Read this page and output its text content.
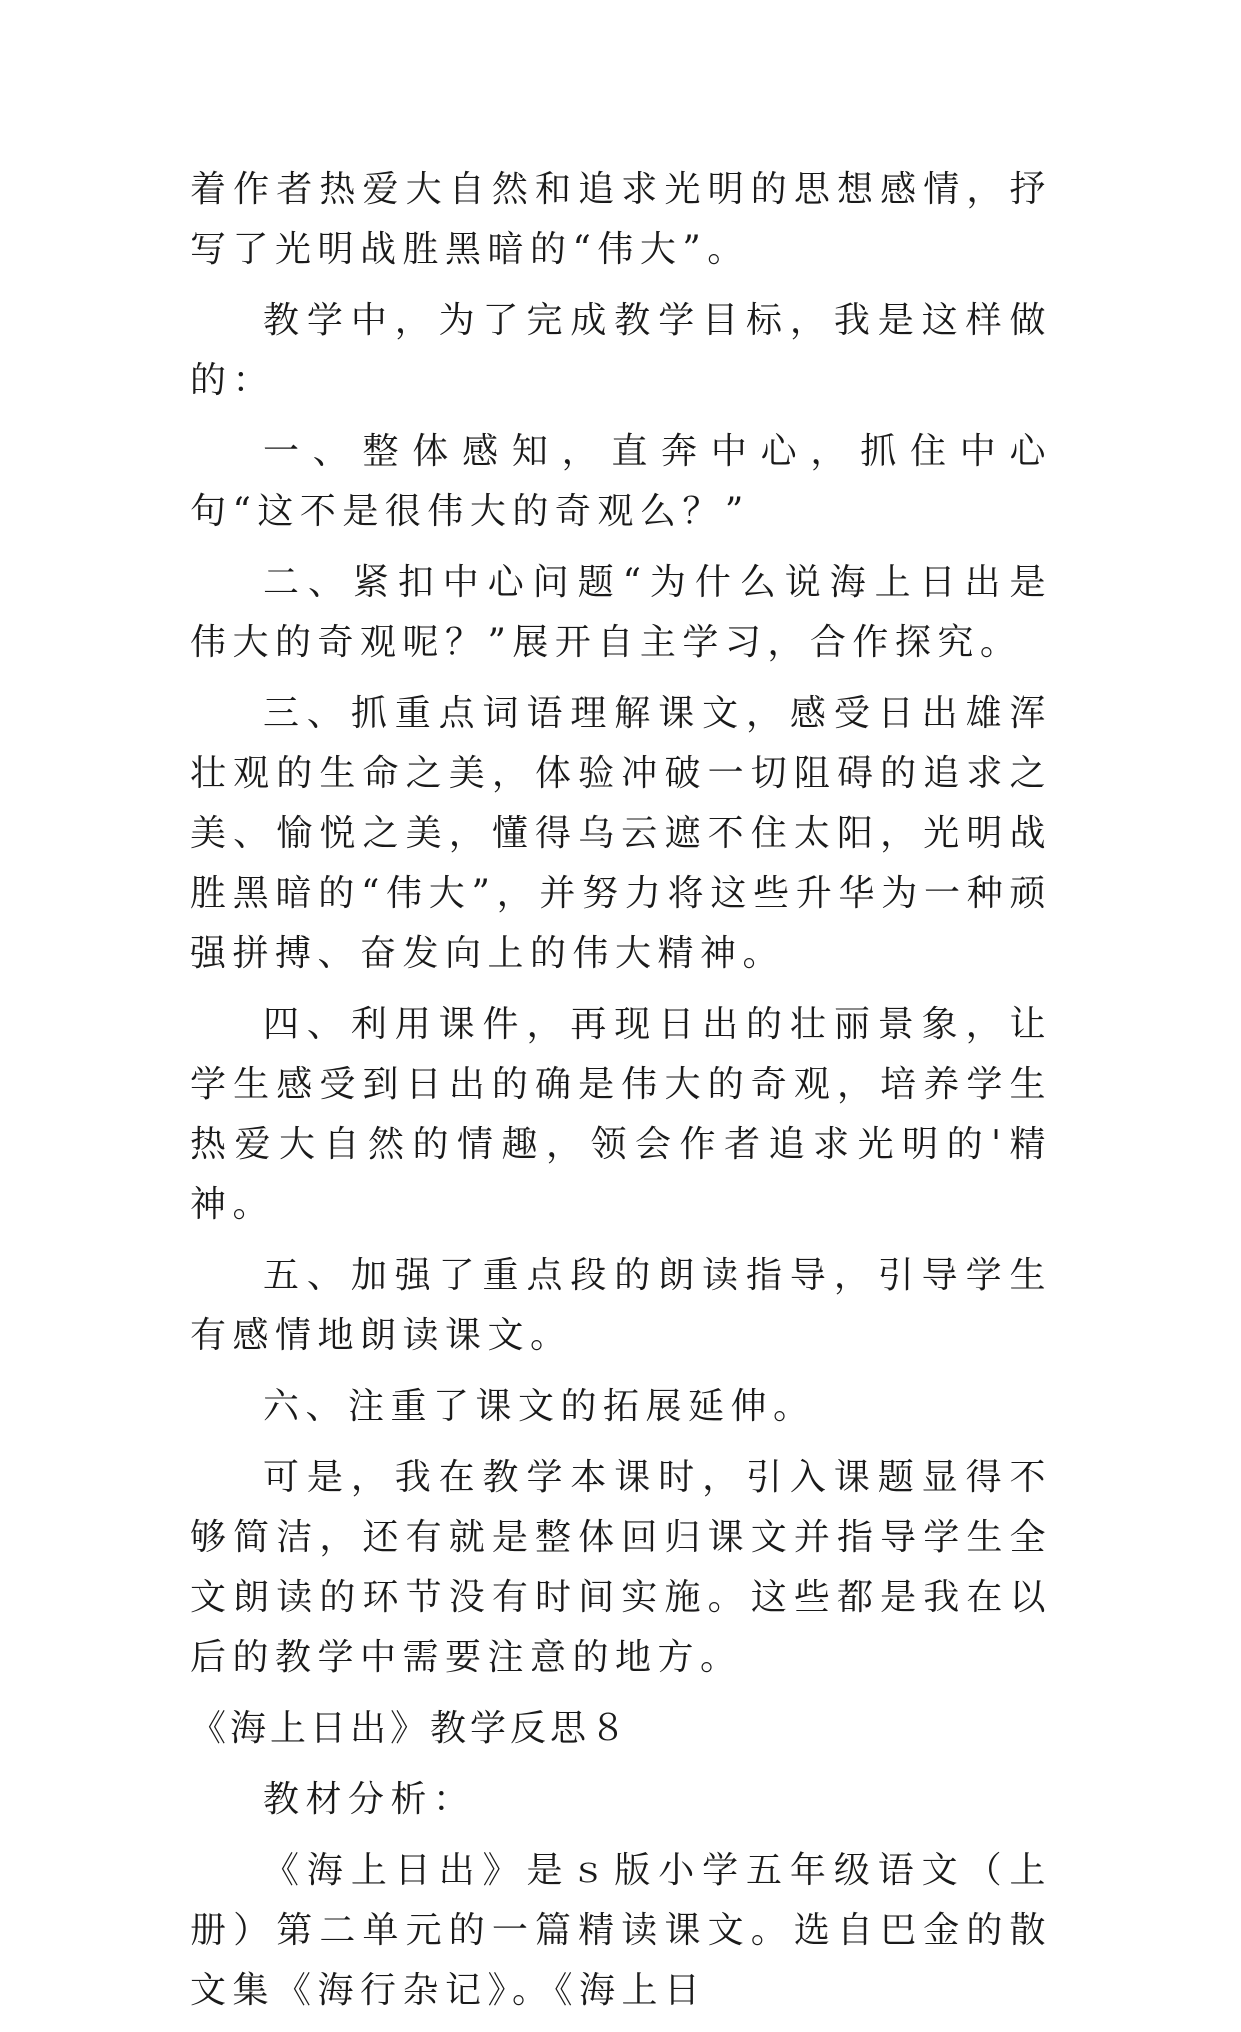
着作者热爱大自然和追求光明的思想感情，抒写了光明战胜黑暗的“伟大”。

教学中，为了完成教学目标，我是这样做的：

一、整体感知，直奔中心，抓住中心句“这不是很伟大的奇观么？”

二、紧扣中心问题“为什么说海上日出是伟大的奇观呢？”展开自主学习，合作探究。

三、抓重点词语理解课文，感受日出雄浑壮观的生命之美，体验冲破一切阻碍的追求之美、愉悦之美，懂得乌云遮不住太阳，光明战胜黑暗的“伟大”，并努力将这些升华为一种顽强拼搏、奋发向上的伟大精神。

四、利用课件，再现日出的壮丽景象，让学生感受到日出的确是伟大的奇观，培养学生热爱大自然的情趣，领会作者追求光明的'精神。

五、加强了重点段的朗读指导，引导学生有感情地朗读课文。

六、注重了课文的拓展延伸。

可是，我在教学本课时，引入课题显得不够简洁，还有就是整体回归课文并指导学生全文朗读的环节没有时间实施。这些都是我在以后的教学中需要注意的地方。

《海上日出》教学反思８

教材分析：

《海上日出》是ｓ版小学五年级语文（上册）第二单元的一篇精读课文。选自巴金的散文集《海行杂记》。《海上日
